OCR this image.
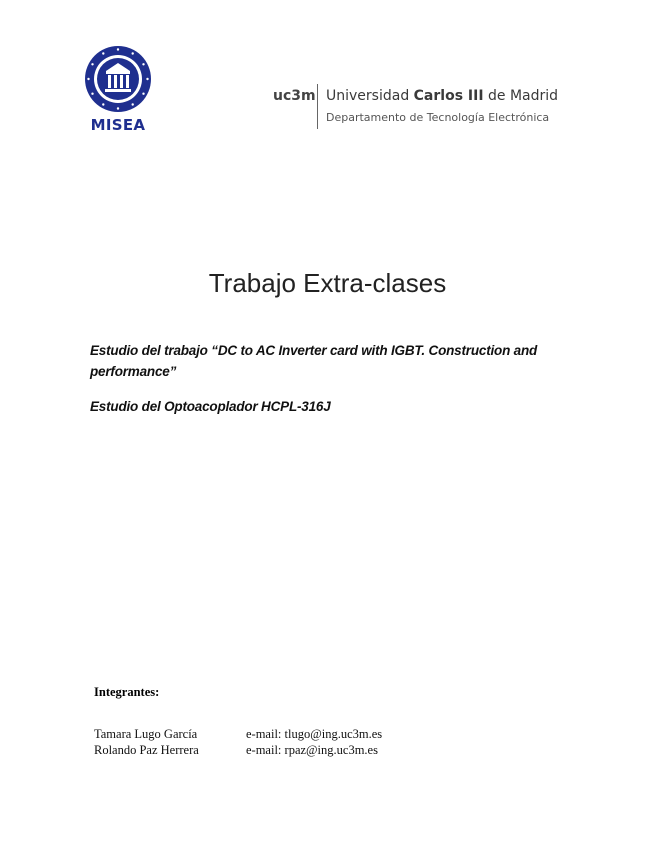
MISEA
uc3m Universidad Carlos III de Madrid
Departamento de Tecnología Electrónica
Trabajo Extra-clases
Estudio del trabajo “DC to AC Inverter card with IGBT. Construction and performance”
Estudio del Optoacoplador HCPL-316J
Integrantes:
Tamara Lugo García	e-mail: tlugo@ing.uc3m.es
Rolando Paz Herrera	e-mail: rpaz@ing.uc3m.es
